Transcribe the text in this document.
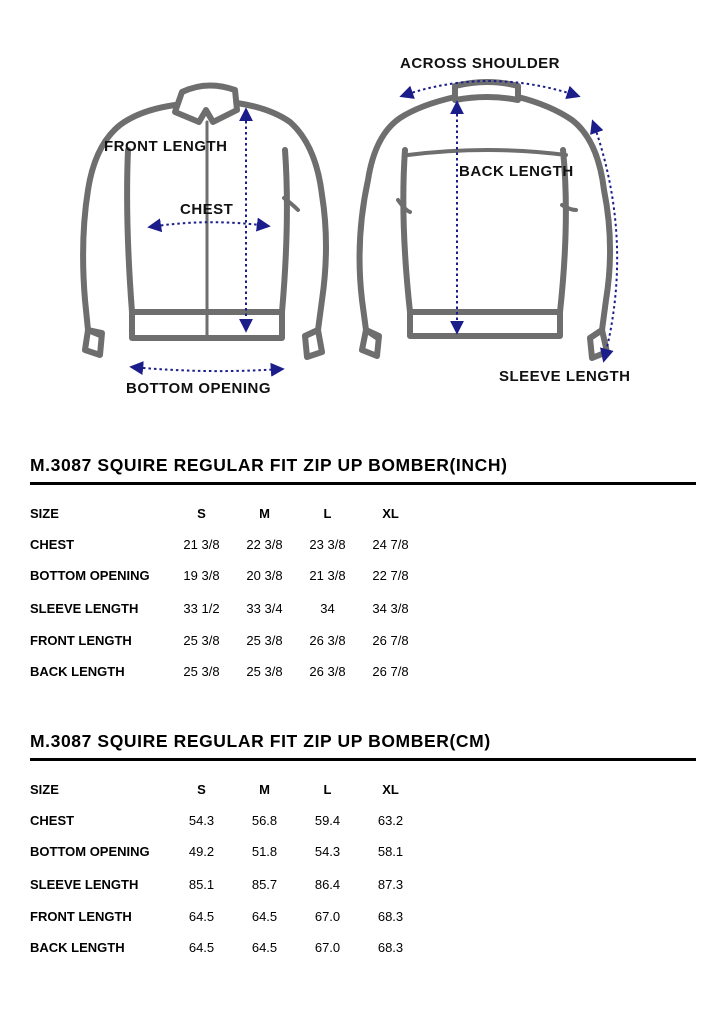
FRONT LENGTH
CHEST
BOTTOM OPENING
ACROSS SHOULDER
BACK LENGTH
SLEEVE LENGTH
M.3087 SQUIRE REGULAR FIT ZIP UP BOMBER(INCH)
SIZE	S	M	L	XL
CHEST	21 3/8	22 3/8	23 3/8	24 7/8
BOTTOM OPENING	19 3/8	20 3/8	21 3/8	22 7/8
SLEEVE LENGTH	33 1/2	33 3/4	34	34 3/8
FRONT LENGTH	25 3/8	25 3/8	26 3/8	26 7/8
BACK LENGTH	25 3/8	25 3/8	26 3/8	26 7/8
M.3087 SQUIRE REGULAR FIT ZIP UP BOMBER(CM)
SIZE	S	M	L	XL
CHEST	54.3	56.8	59.4	63.2
BOTTOM OPENING	49.2	51.8	54.3	58.1
SLEEVE LENGTH	85.1	85.7	86.4	87.3
FRONT LENGTH	64.5	64.5	67.0	68.3
BACK LENGTH	64.5	64.5	67.0	68.3
